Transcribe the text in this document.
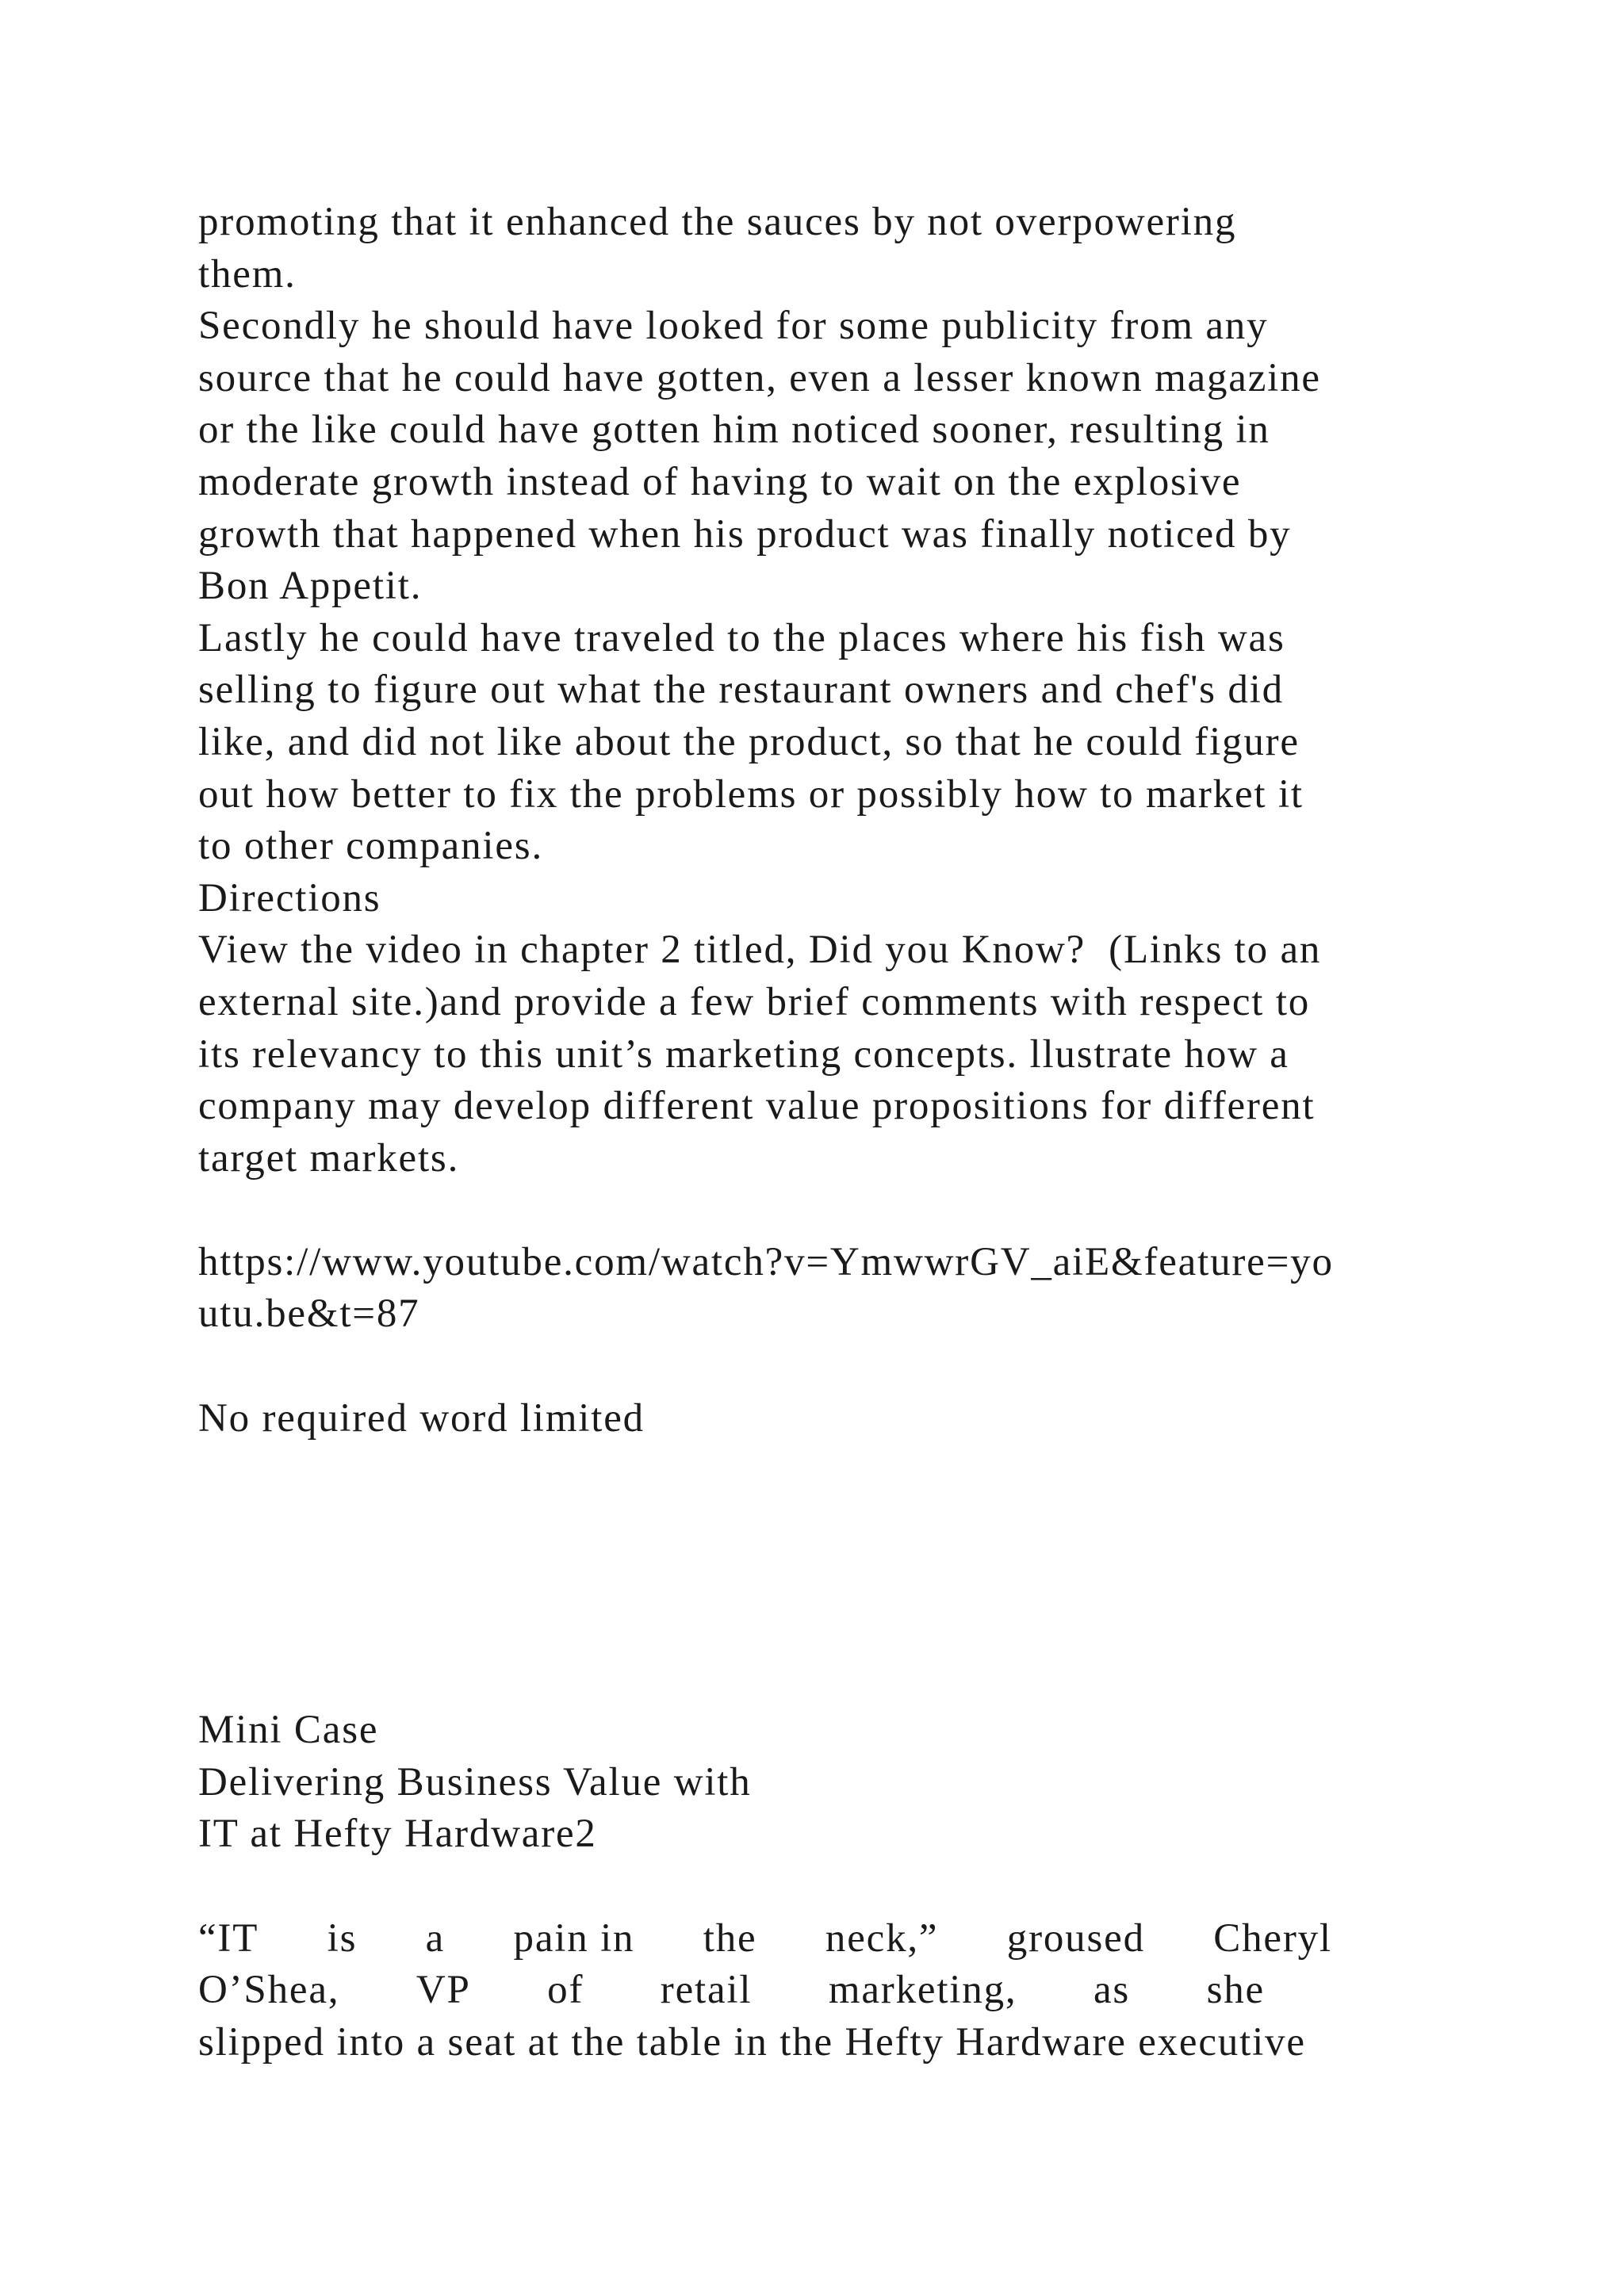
promoting that it enhanced the sauces by not overpowering
them.
Secondly he should have looked for some publicity from any
source that he could have gotten, even a lesser known magazine
or the like could have gotten him noticed sooner, resulting in
moderate growth instead of having to wait on the explosive
growth that happened when his product was finally noticed by
Bon Appetit.
Lastly he could have traveled to the places where his fish was
selling to figure out what the restaurant owners and chef's did
like, and did not like about the product, so that he could figure
out how better to fix the problems or possibly how to market it
to other companies.
Directions
View the video in chapter 2 titled, Did you Know?  (Links to an
external site.)and provide a few brief comments with respect to
its relevancy to this unit’s marketing concepts. llustrate how a
company may develop different value propositions for different
target markets.
https://www.youtube.com/watch?v=YmwwrGV_aiE&feature=yo
utu.be&t=87
No required word limited
Mini Case
Delivering Business Value with
IT at Hefty Hardware2
“IT is a pain in the neck,” groused Cheryl
O’Shea, VP of retail marketing, as she
slipped into a seat at the table in the Hefty Hardware executive
